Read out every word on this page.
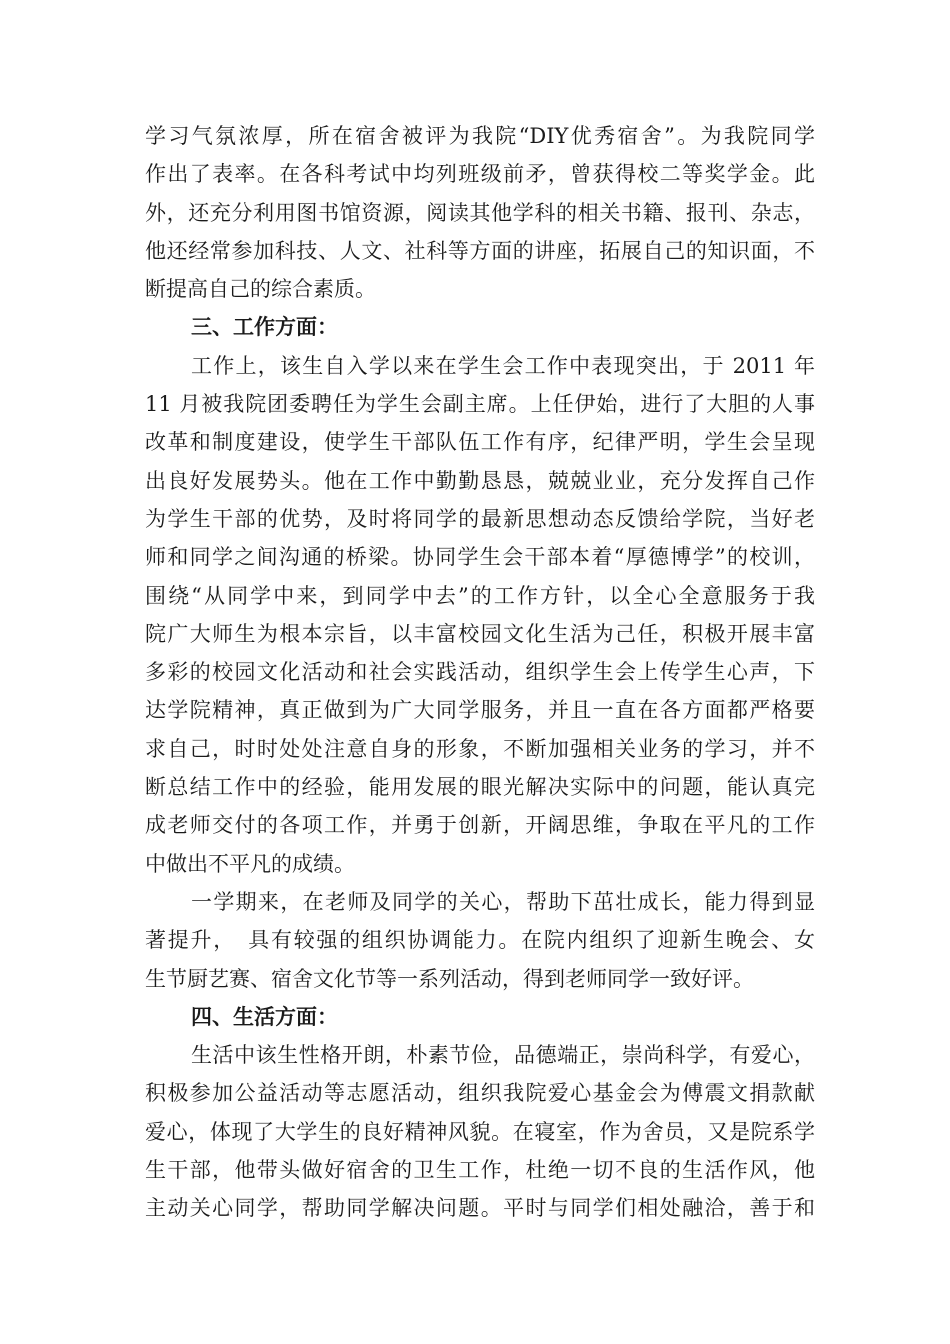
学习气氛浓厚，所在宿舍被评为我院“DIY优秀宿舍”。为我院同学
作出了表率。在各科考试中均列班级前矛，曾获得校二等奖学金。此
外，还充分利用图书馆资源，阅读其他学科的相关书籍、报刊、杂志，
他还经常参加科技、人文、社科等方面的讲座，拓展自己的知识面，不
断提高自己的综合素质。
三、工作方面：
工作上，该生自入学以来在学生会工作中表现突出，于 2011 年
11 月被我院团委聘任为学生会副主席。上任伊始，进行了大胆的人事
改革和制度建设，使学生干部队伍工作有序，纪律严明，学生会呈现
出良好发展势头。他在工作中勤勤恳恳，兢兢业业，充分发挥自己作
为学生干部的优势，及时将同学的最新思想动态反馈给学院，当好老
师和同学之间沟通的桥梁。协同学生会干部本着“厚德博学”的校训，
围绕“从同学中来，到同学中去”的工作方针，以全心全意服务于我
院广大师生为根本宗旨，以丰富校园文化生活为己任，积极开展丰富
多彩的校园文化活动和社会实践活动，组织学生会上传学生心声，下
达学院精神，真正做到为广大同学服务，并且一直在各方面都严格要
求自己，时时处处注意自身的形象，不断加强相关业务的学习，并不
断总结工作中的经验，能用发展的眼光解决实际中的问题，能认真完
成老师交付的各项工作，并勇于创新，开阔思维，争取在平凡的工作
中做出不平凡的成绩。
一学期来，在老师及同学的关心，帮助下茁壮成长，能力得到显
著提升，　具有较强的组织协调能力。在院内组织了迎新生晚会、女
生节厨艺赛、宿舍文化节等一系列活动，得到老师同学一致好评。
四、生活方面：
生活中该生性格开朗，朴素节俭，品德端正，崇尚科学，有爱心，
积极参加公益活动等志愿活动，组织我院爱心基金会为傅震文捐款献
爱心，体现了大学生的良好精神风貌。在寝室，作为舍员，又是院系学
生干部，他带头做好宿舍的卫生工作，杜绝一切不良的生活作风，他
主动关心同学，帮助同学解决问题。平时与同学们相处融洽，善于和
